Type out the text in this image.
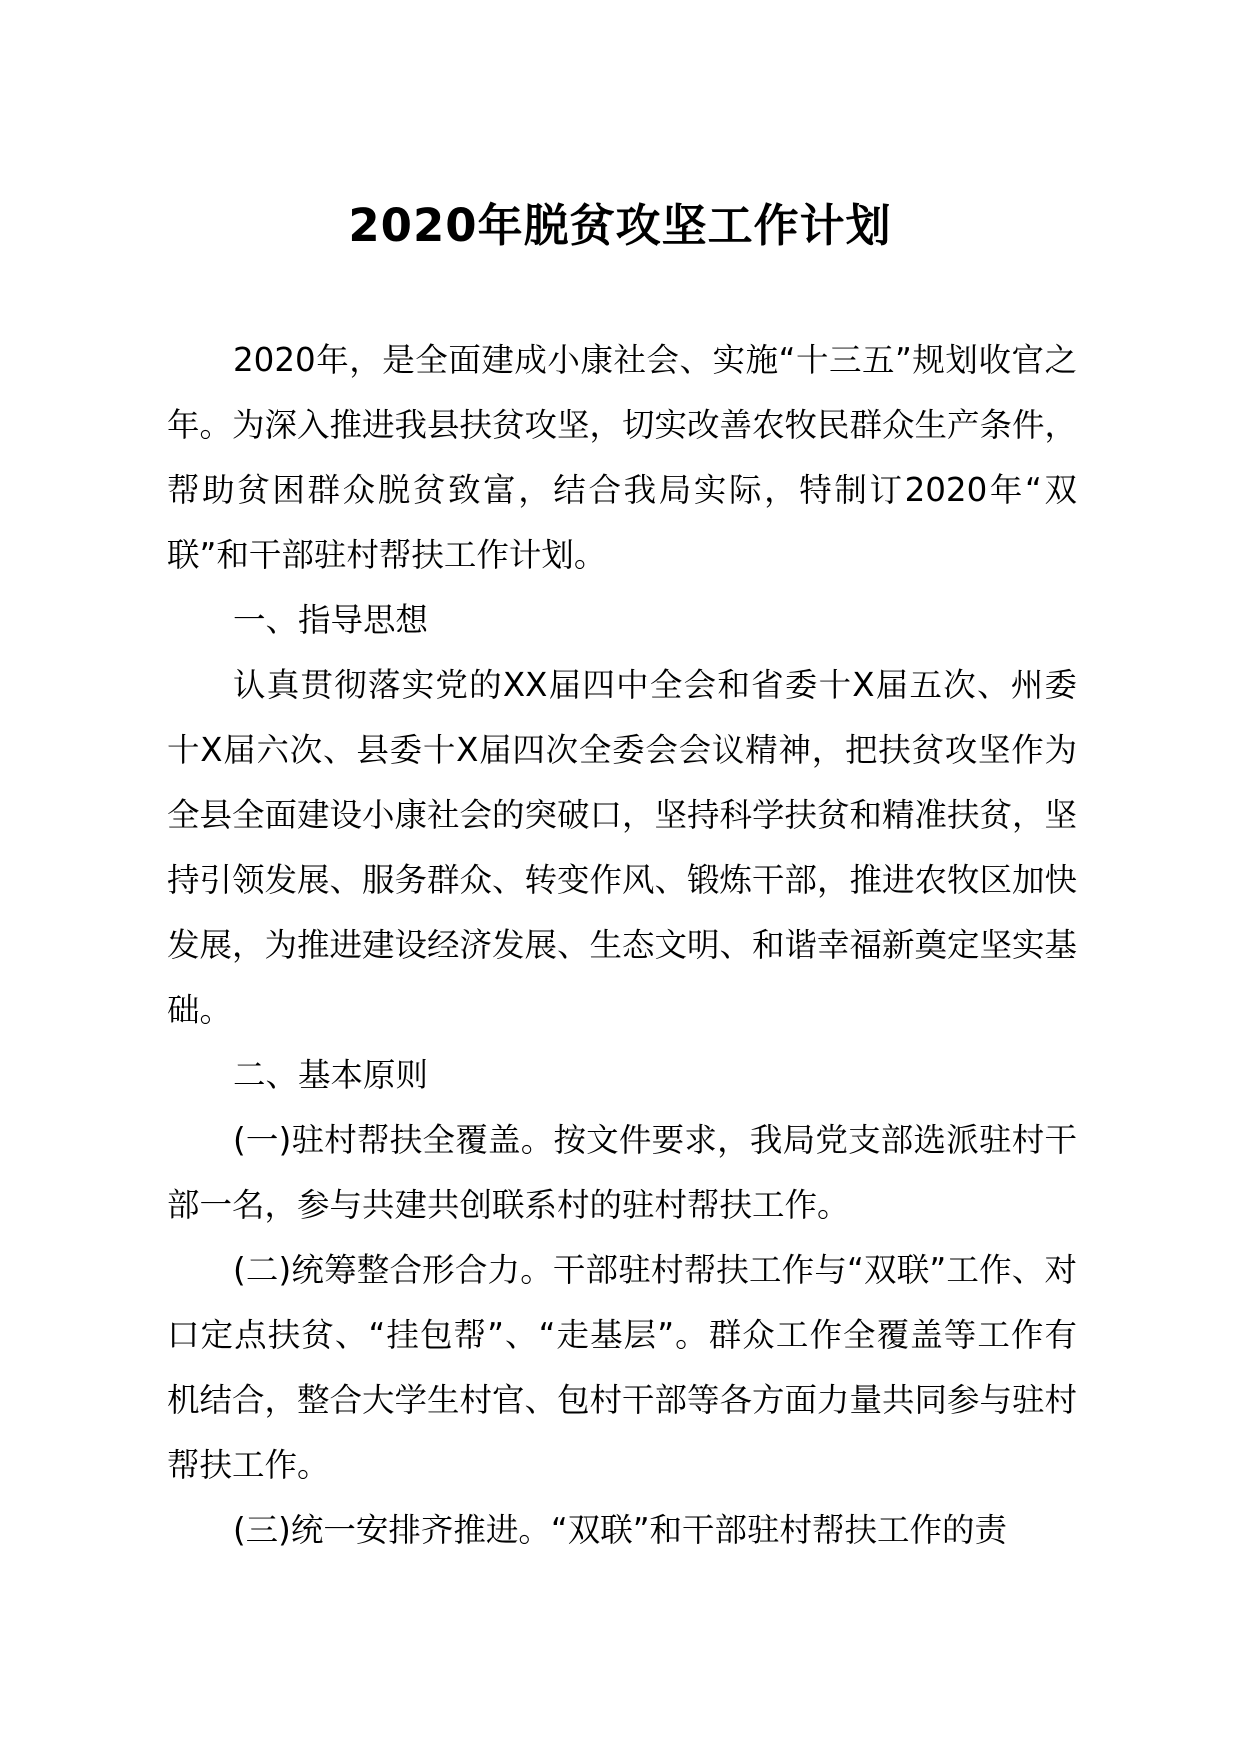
2020年脱贫攻坚工作计划

2020年，是全面建成小康社会、实施“十三五”规划收官之年。为深入推进我县扶贫攻坚，切实改善农牧民群众生产条件，帮助贫困群众脱贫致富，结合我局实际，特制订2020年“双联”和干部驻村帮扶工作计划。

一、指导思想

认真贯彻落实党的XX届四中全会和省委十X届五次、州委十X届六次、县委十X届四次全委会会议精神，把扶贫攻坚作为全县全面建设小康社会的突破口，坚持科学扶贫和精准扶贫，坚持引领发展、服务群众、转变作风、锻炼干部，推进农牧区加快发展，为推进建设经济发展、生态文明、和谐幸福新奠定坚实基础。

二、基本原则

(一)驻村帮扶全覆盖。按文件要求，我局党支部选派驻村干部一名，参与共建共创联系村的驻村帮扶工作。

(二)统筹整合形合力。干部驻村帮扶工作与“双联”工作、对口定点扶贫、“挂包帮”、“走基层”。群众工作全覆盖等工作有机结合，整合大学生村官、包村干部等各方面力量共同参与驻村帮扶工作。

(三)统一安排齐推进。“双联”和干部驻村帮扶工作的责
